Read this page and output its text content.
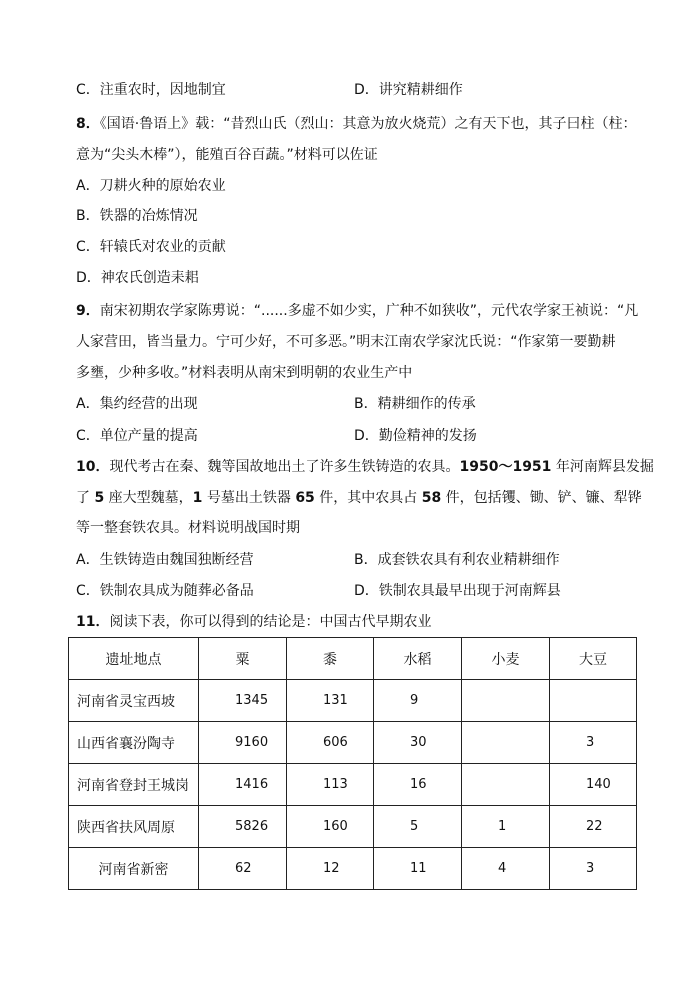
C．注重农时，因地制宜	D．讲究精耕细作
8．《国语·鲁语上》载：“昔烈山氏（烈山：其意为放火烧荒）之有天下也，其子曰柱（柱：
意为“尖头木棒”），能殖百谷百蔬。”材料可以佐证
A．刀耕火种的原始农业
B．铁器的冶炼情况
C．轩辕氏对农业的贡献
D．神农氏创造耒耜
9．南宋初期农学家陈旉说：“......多虚不如少实，广种不如狭收”，元代农学家王祯说：“凡
人家营田，皆当量力。宁可少好，不可多恶。”明末江南农学家沈氏说：“作家第一要勤耕
多壅，少种多收。”材料表明从南宋到明朝的农业生产中
A．集约经营的出现	B．精耕细作的传承
C．单位产量的提高	D．勤俭精神的发扬
10．现代考古在秦、魏等国故地出土了许多生铁铸造的农具。1950～1951 年河南辉县发掘
了 5 座大型魏墓，1 号墓出土铁器 65 件，其中农具占 58 件，包括䦆、锄、铲、镰、犁铧
等一整套铁农具。材料说明战国时期
A．生铁铸造由魏国独断经营	B．成套铁农具有利农业精耕细作
C．铁制农具成为随葬必备品	D．铁制农具最早出现于河南辉县
11．阅读下表，你可以得到的结论是：中国古代早期农业
遗址地点	粟	黍	水稻	小麦	大豆
河南省灵宝西坡	1345	131	9		
山西省襄汾陶寺	9160	606	30		3
河南省登封王城岗	1416	113	16		140
陕西省扶风周原	5826	160	5	1	22
河南省新密	62	12	11	4	3
